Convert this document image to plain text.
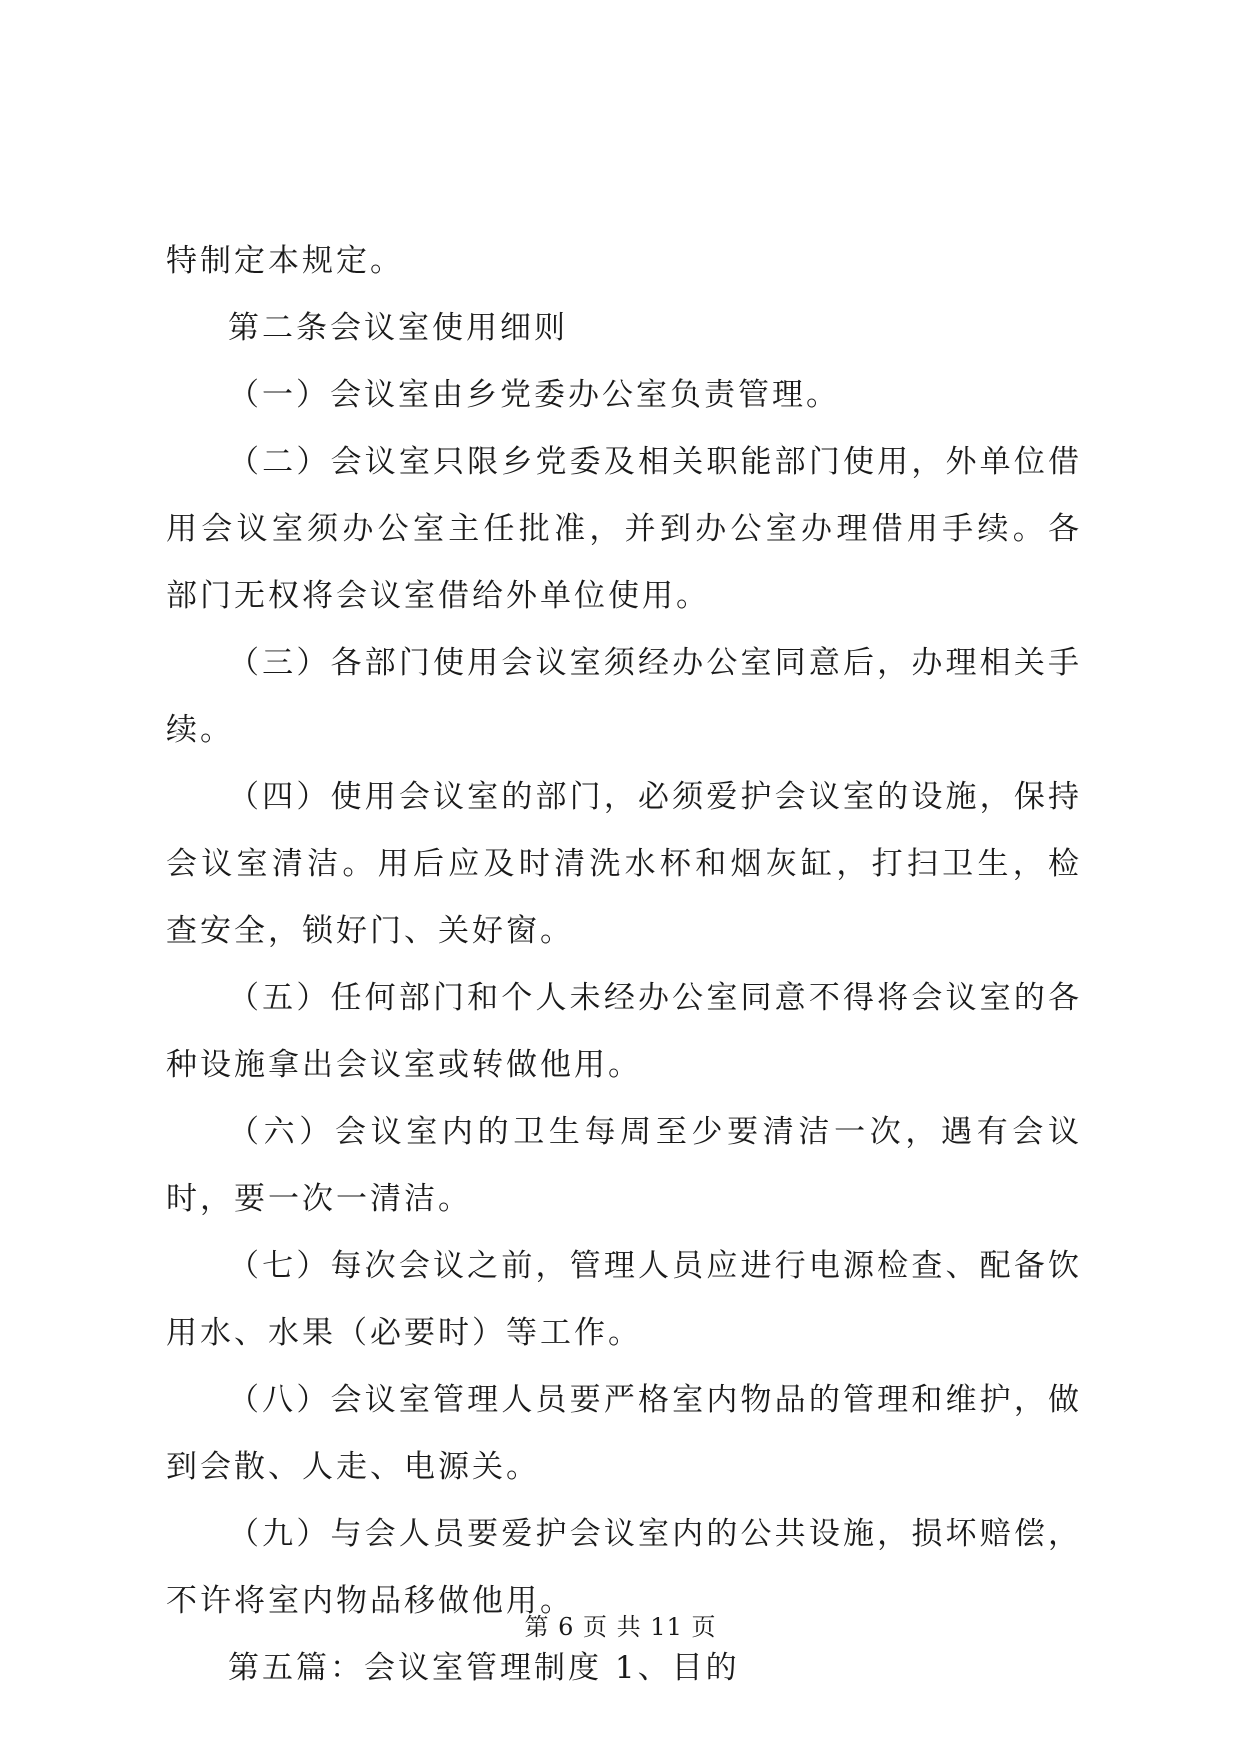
特制定本规定。

第二条会议室使用细则

（一）会议室由乡党委办公室负责管理。

（二）会议室只限乡党委及相关职能部门使用，外单位借用会议室须办公室主任批准，并到办公室办理借用手续。各部门无权将会议室借给外单位使用。

（三）各部门使用会议室须经办公室同意后，办理相关手续。

（四）使用会议室的部门，必须爱护会议室的设施，保持会议室清洁。用后应及时清洗水杯和烟灰缸，打扫卫生，检查安全，锁好门、关好窗。

（五）任何部门和个人未经办公室同意不得将会议室的各种设施拿出会议室或转做他用。

（六）会议室内的卫生每周至少要清洁一次，遇有会议时，要一次一清洁。

（七）每次会议之前，管理人员应进行电源检查、配备饮用水、水果（必要时）等工作。

（八）会议室管理人员要严格室内物品的管理和维护，做到会散、人走、电源关。

（九）与会人员要爱护会议室内的公共设施，损坏赔偿，不许将室内物品移做他用。

第五篇：会议室管理制度 1、目的

第 6 页 共 11 页
